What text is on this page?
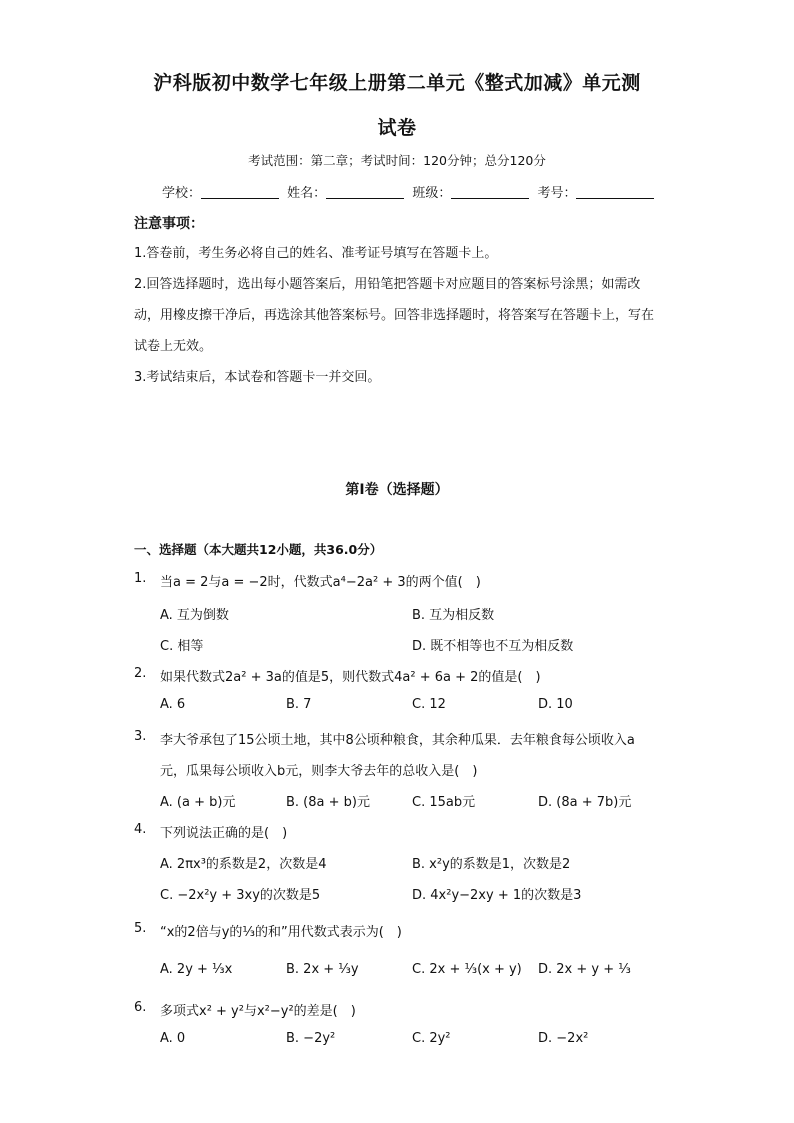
沪科版初中数学七年级上册第二单元《整式加减》单元测
试卷
考试范围：第二章；考试时间：120分钟；总分120分
学校：	姓名：	班级：	考号：
注意事项：
1.答卷前，考生务必将自己的姓名、准考证号填写在答题卡上。
2.回答选择题时，选出每小题答案后，用铅笔把答题卡对应题目的答案标号涂黑；如需改动，用橡皮擦干净后，再选涂其他答案标号。回答非选择题时，将答案写在答题卡上，写在试卷上无效。
3.考试结束后，本试卷和答题卡一并交回。
第I卷（选择题）
一、选择题（本大题共12小题，共36.0分）
1. 当a = 2与a = −2时，代数式a⁴−2a² + 3的两个值(　)
A. 互为倒数	B. 互为相反数
C. 相等	D. 既不相等也不互为相反数
2. 如果代数式2a² + 3a的值是5，则代数式4a² + 6a + 2的值是(　)
A. 6	B. 7	C. 12	D. 10
3. 李大爷承包了15公顷土地，其中8公顷种粮食，其余种瓜果．去年粮食每公顷收入a
元，瓜果每公顷收入b元，则李大爷去年的总收入是(　)
A. (a + b)元	B. (8a + b)元	C. 15ab元	D. (8a + 7b)元
4. 下列说法正确的是(　)
A. 2πx³的系数是2，次数是4	B. x²y的系数是1，次数是2
C. −2x²y + 3xy的次数是5	D. 4x²y−2xy + 1的次数是3
5. “x的2倍与y的⅓的和”用代数式表示为(　)
A. 2y + ⅓x	B. 2x + ⅓y	C. 2x + ⅓(x + y) D. 2x + y + ⅓
6. 多项式x² + y²与x²−y²的差是(　)
A. 0	B. −2y²	C. 2y²	D. −2x²
